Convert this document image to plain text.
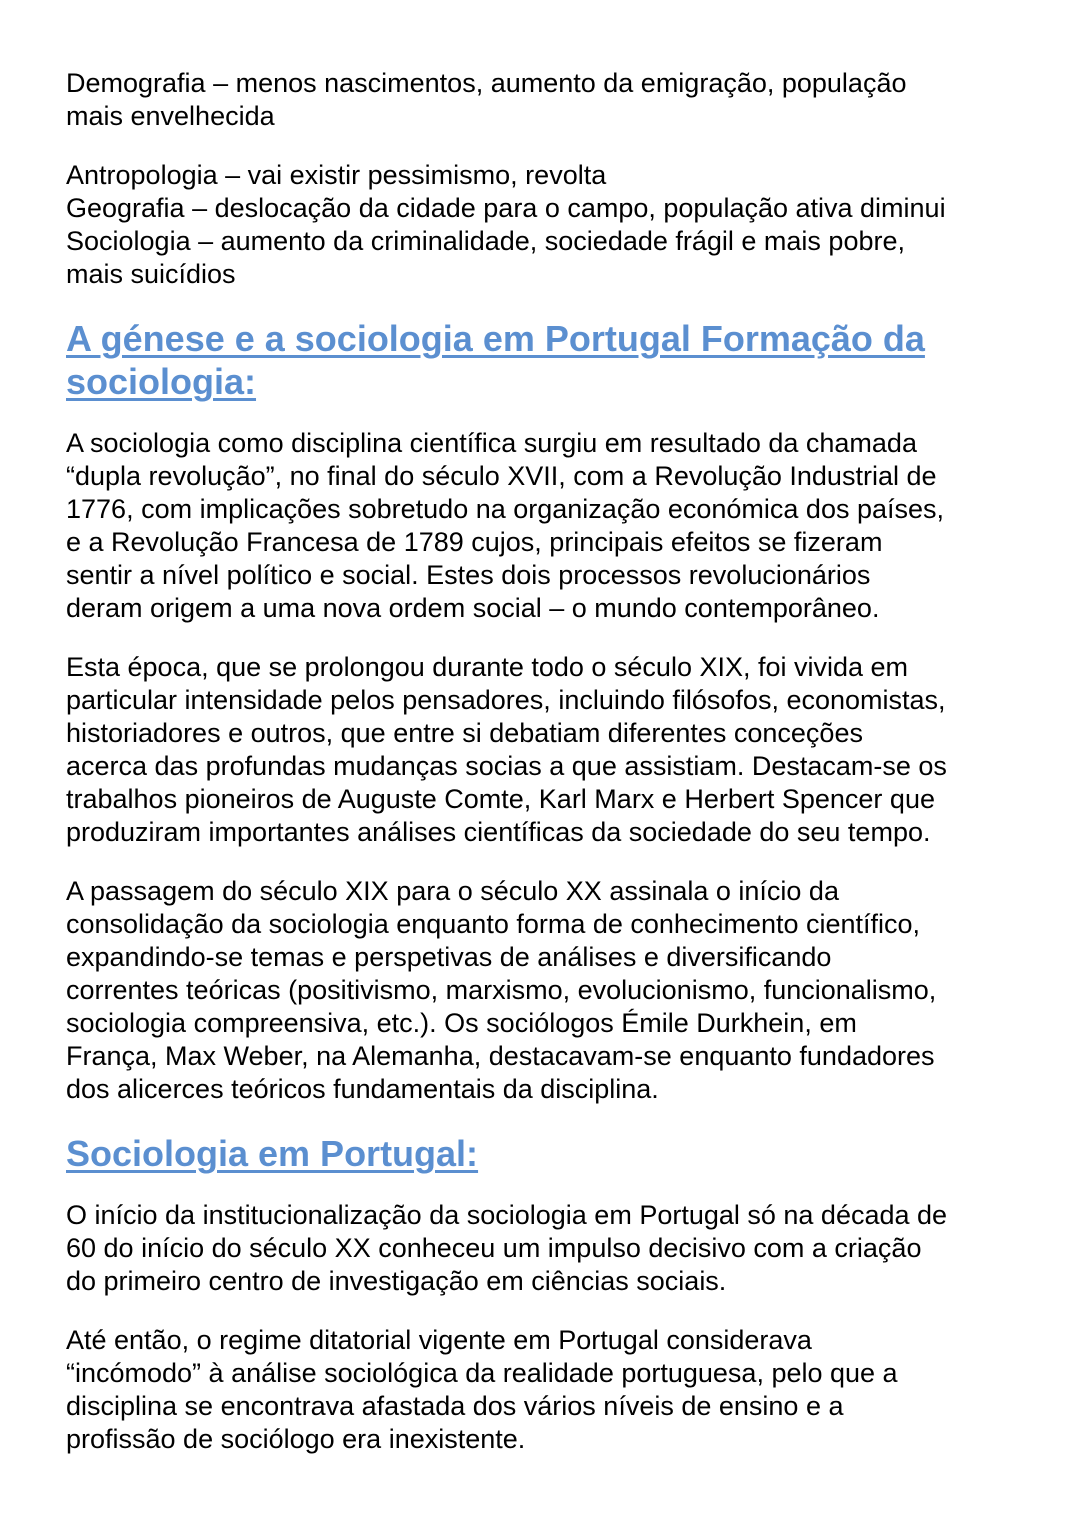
Demografia – menos nascimentos, aumento da emigração, população
mais envelhecida
Antropologia – vai existir pessimismo, revolta
Geografia – deslocação da cidade para o campo, população ativa diminui
Sociologia – aumento da criminalidade, sociedade frágil e mais pobre,
mais suicídios
A génese e a sociologia em Portugal Formação da
sociologia:
A sociologia como disciplina científica surgiu em resultado da chamada
“dupla revolução”, no final do século XVII, com a Revolução Industrial de
1776, com implicações sobretudo na organização económica dos países,
e a Revolução Francesa de 1789 cujos, principais efeitos se fizeram
sentir a nível político e social. Estes dois processos revolucionários
deram origem a uma nova ordem social – o mundo contemporâneo.
Esta época, que se prolongou durante todo o século XIX, foi vivida em
particular intensidade pelos pensadores, incluindo filósofos, economistas,
historiadores e outros, que entre si debatiam diferentes conceções
acerca das profundas mudanças socias a que assistiam. Destacam-se os
trabalhos pioneiros de Auguste Comte, Karl Marx e Herbert Spencer que
produziram importantes análises científicas da sociedade do seu tempo.
A passagem do século XIX para o século XX assinala o início da
consolidação da sociologia enquanto forma de conhecimento científico,
expandindo-se temas e perspetivas de análises e diversificando
correntes teóricas (positivismo, marxismo, evolucionismo, funcionalismo,
sociologia compreensiva, etc.). Os sociólogos Émile Durkhein, em
França, Max Weber, na Alemanha, destacavam-se enquanto fundadores
dos alicerces teóricos fundamentais da disciplina.
Sociologia em Portugal:
O início da institucionalização da sociologia em Portugal só na década de
60 do início do século XX conheceu um impulso decisivo com a criação
do primeiro centro de investigação em ciências sociais.
Até então, o regime ditatorial vigente em Portugal considerava
“incómodo” à análise sociológica da realidade portuguesa, pelo que a
disciplina se encontrava afastada dos vários níveis de ensino e a
profissão de sociólogo era inexistente.
